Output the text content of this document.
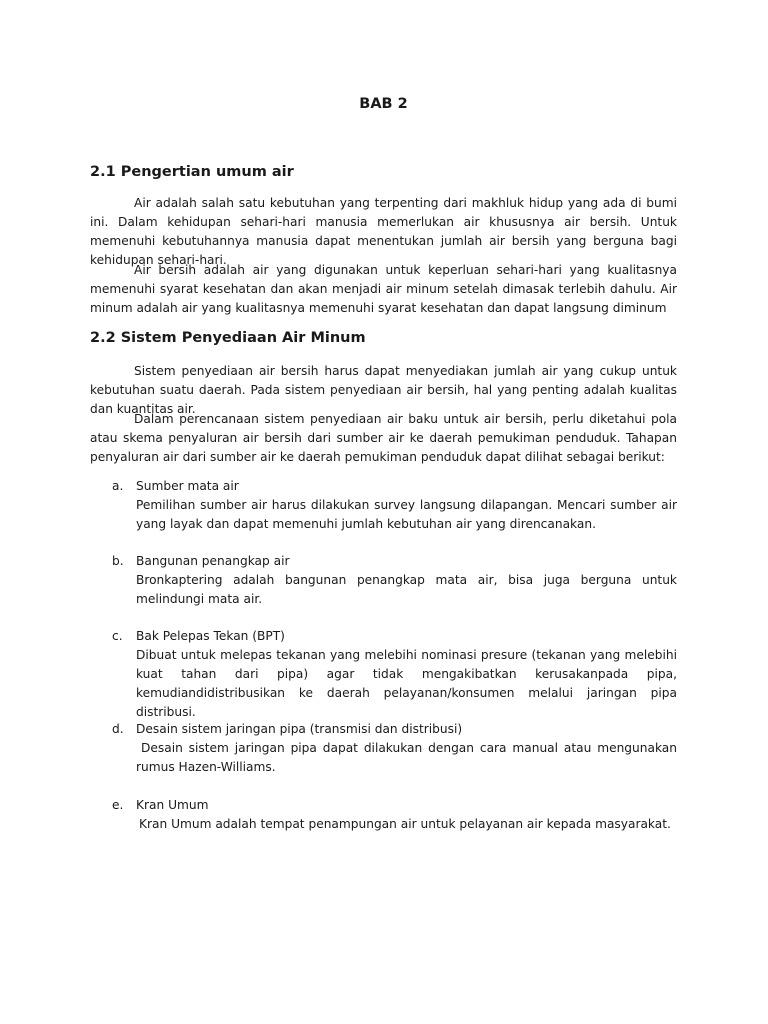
BAB 2
2.1 Pengertian umum air

Air adalah salah satu kebutuhan yang terpenting dari makhluk hidup yang ada di bumi ini. Dalam kehidupan sehari-hari manusia memerlukan air khususnya air bersih. Untuk memenuhi kebutuhannya manusia dapat menentukan jumlah air bersih yang berguna bagi kehidupan sehari-hari.

Air bersih adalah air yang digunakan untuk keperluan sehari-hari yang kualitasnya memenuhi syarat kesehatan dan akan menjadi air minum setelah dimasak terlebih dahulu. Air minum adalah air yang kualitasnya memenuhi syarat kesehatan dan dapat langsung diminum

2.2 Sistem Penyediaan Air Minum

Sistem penyediaan air bersih harus dapat menyediakan jumlah air yang cukup untuk kebutuhan suatu daerah. Pada sistem penyediaan air bersih, hal yang penting adalah kualitas dan kuantitas air.

Dalam perencanaan sistem penyediaan air baku untuk air bersih, perlu diketahui pola atau skema penyaluran air bersih dari sumber air ke daerah pemukiman penduduk. Tahapan penyaluran air dari sumber air ke daerah pemukiman penduduk dapat dilihat sebagai berikut:

a. Sumber mata air

Pemilihan sumber air harus dilakukan survey langsung dilapangan. Mencari sumber air yang layak dan dapat memenuhi jumlah kebutuhan air yang direncanakan.

b. Bangunan penangkap air

Bronkaptering adalah bangunan penangkap mata air, bisa juga berguna untuk melindungi mata air.

c. Bak Pelepas Tekan (BPT)

Dibuat untuk melepas tekanan yang melebihi nominasi presure (tekanan yang melebihi kuat tahan dari pipa) agar tidak mengakibatkan kerusakanpada pipa, kemudiandidistribusikan ke daerah pelayanan/konsumen melalui jaringan pipa distribusi.

d. Desain sistem jaringan pipa (transmisi dan distribusi)

Desain sistem jaringan pipa dapat dilakukan dengan cara manual atau mengunakan rumus Hazen-Williams.

e. Kran Umum

Kran Umum adalah tempat penampungan air untuk pelayanan air kepada masyarakat.
